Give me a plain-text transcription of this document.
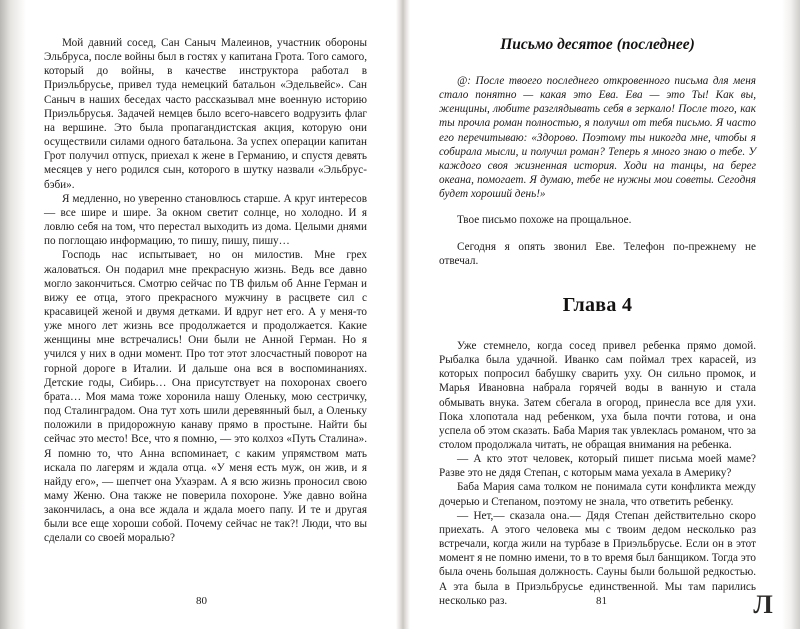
Мой давний сосед, Сан Саныч Малеинов, участник обороны Эльбруса, после войны был в гостях у капитана Грота. Того самого, который до войны, в качестве инструктора работал в Приэльбрусье, привел туда немецкий батальон «Эдельвейс». Сан Саныч в наших беседах часто рассказывал мне военную историю Приэльбрусья. Задачей немцев было всего-навсего водрузить флаг на вершине. Это была пропагандистская акция, которую они осуществили силами одного батальона. За успех операции капитан Грот получил отпуск, приехал к жене в Германию, и спустя девять месяцев у него родился сын, которого в шутку назвали «Эльбрус-бэби».

Я медленно, но уверенно становлюсь старше. А круг интересов — все шире и шире. За окном светит солнце, но холодно. И я ловлю себя на том, что перестал выходить из дома. Целыми днями по поглощаю информацию, то пишу, пишу, пишу…

Господь нас испытывает, но он милостив. Мне грех жаловаться. Он подарил мне прекрасную жизнь. Ведь все давно могло закончиться. Смотрю сейчас по ТВ фильм об Анне Герман и вижу ее отца, этого прекрасного мужчину в расцвете сил с красавицей женой и двумя детками. И вдруг нет его. А у меня-то уже много лет жизнь все продолжается и продолжается. Какие женщины мне встречались! Они были не Анной Герман. Но я учился у них в одни момент. Про тот этот злосчастный поворот на горной дороге в Италии. И дальше она вся в воспоминаниях. Детские годы, Сибирь… Она присутствует на похоронах своего брата… Моя мама тоже хоронила нашу Оленьку, мою сестричку, под Сталинградом. Она тут хоть шили деревянный был, а Оленьку положили в придорожную канаву прямо в простыне. Найти бы сейчас это место! Все, что я помню, — это колхоз «Путь Сталина». Я помню то, что Анна вспоминает, с каким упрямством мать искала по лагерям и ждала отца. «У меня есть муж, он жив, и я найду его», — шепчет она Ухаэрам. А я всю жизнь проносил свою маму Женю. Она также не поверила похороне. Уже давно война закончилась, а она все ждала и ждала моего папу. И те и другая были все еще хороши собой. Почему сейчас не так?! Люди, что вы сделали со своей моралью?

Письмо десятое (последнее)
@: После твоего последнего откровенного письма для меня стало понятно — какая это Ева. Ева — это Ты! Как вы, женщины, любите разглядывать себя в зеркало! После того, как ты прочла роман полностью, я получил от тебя письмо. Я часто его перечитываю: «Здорово. Поэтому ты никогда мне, чтобы я собирала мысли, и получил роман? Теперь я много знаю о тебе. У каждого своя жизненная история. Ходи на танцы, на берег океана, помогает. Я думаю, тебе не нужны мои советы. Сегодня будет хороший день!»

Твое письмо похоже на прощальное.

Сегодня я опять звонил Еве. Телефон по-прежнему не отвечал.

Глава 4

Уже стемнело, когда сосед привел ребенка прямо домой. Рыбалка была удачной. Иванко сам поймал трех карасей, из которых попросил бабушку сварить уху. Он сильно промок, и Марья Ивановна набрала горячей воды в ванную и стала обмывать внука. Затем сбегала в огород, принесла все для ухи. Пока хлопотала над ребенком, уха была почти готова, и она успела об этом сказать. Баба Мария так увлеклась романом, что за столом продолжала читать, не обращая внимания на ребенка.

— А кто этот человек, который пишет письма моей маме? Разве это не дядя Степан, с которым мама уехала в Америку?

Баба Мария сама толком не понимала сути конфликта между дочерью и Степаном, поэтому не знала, что ответить ребенку.

— Нет,— сказала она.— Дядя Степан действительно скоро приехать. А этого человека мы с твоим дедом несколько раз встречали, когда жили на турбазе в Приэльбрусье. Если он в этот момент я не помню имени, то в то время был банщиком. Тогда это была очень большая должность. Сауны были большой редкостью. А эта была в Приэльбрусье единственной. Мы там парились несколько раз.

80	81	Л
